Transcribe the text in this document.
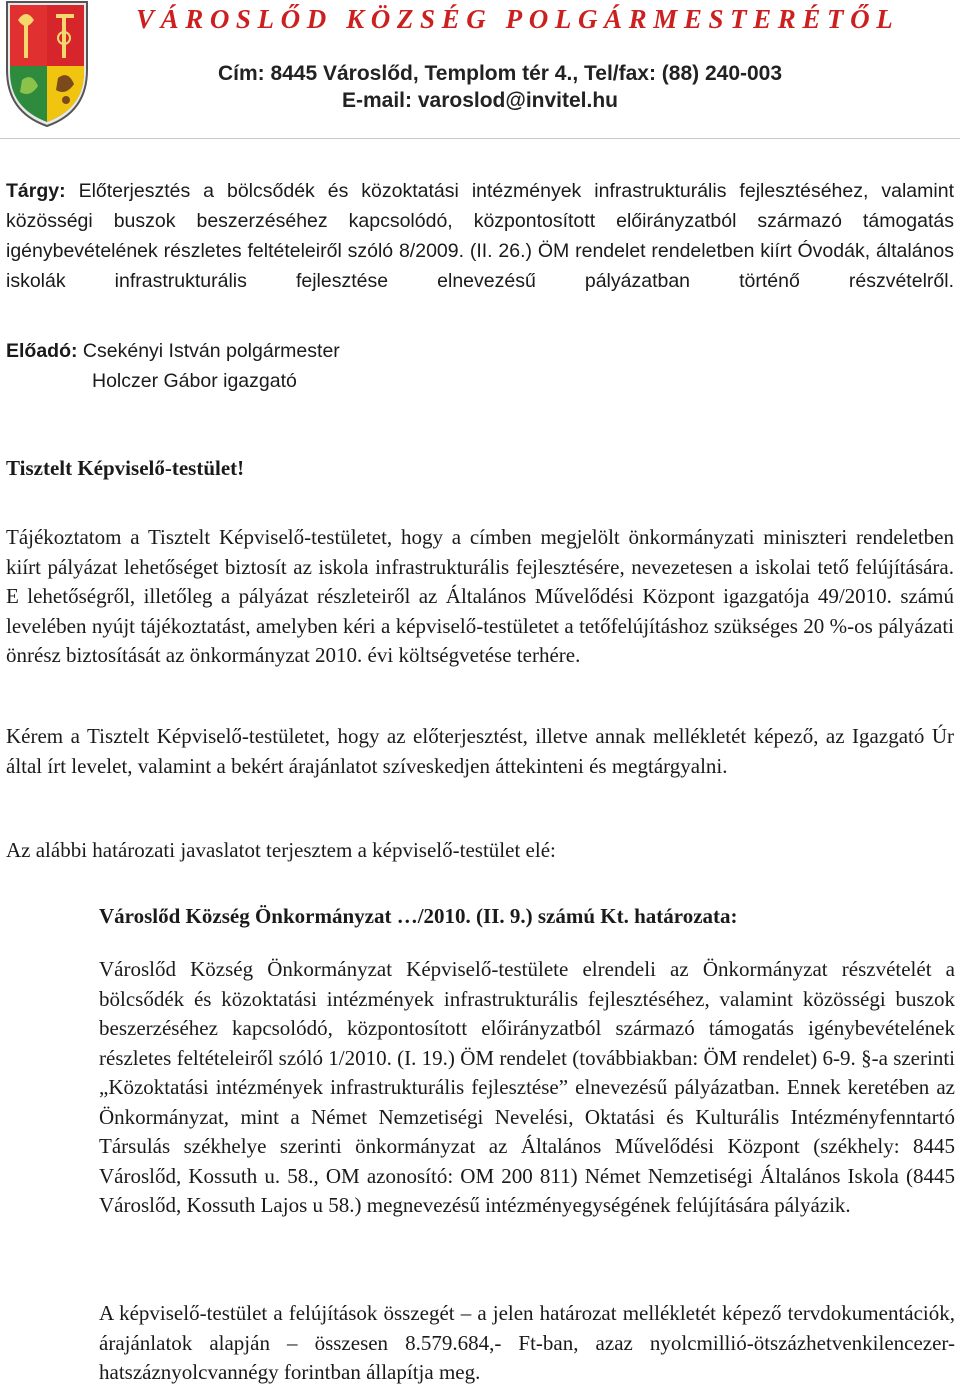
VÁROSLŐD KÖZSÉG POLGÁRMESTERÉTŐL
Cím: 8445 Városlőd, Templom tér 4., Tel/fax: (88) 240-003
E-mail: varoslod@invitel.hu

Tárgy: Előterjesztés a bölcsődék és közoktatási intézmények infrastrukturális fejlesztéséhez, valamint közösségi buszok beszerzéséhez kapcsolódó, központosított előirányzatból származó támogatás igénybevételének részletes feltételeiről szóló 8/2009. (II. 26.) ÖM rendelet rendeletben kiírt Óvodák, általános iskolák infrastrukturális fejlesztése elnevezésű pályázatban történő részvételről.

Előadó: Csekényi István polgármester

Holczer Gábor igazgató

Tisztelt Képviselő-testület!

Tájékoztatom a Tisztelt Képviselő-testületet, hogy a címben megjelölt önkormányzati miniszteri rendeletben kiírt pályázat lehetőséget biztosít az iskola infrastrukturális fejlesztésére, nevezetesen a iskolai tető felújítására. E lehetőségről, illetőleg a pályázat részleteiről az Általános Művelődési Központ igazgatója 49/2010. számú levelében nyújt tájékoztatást, amelyben kéri a képviselő-testületet a tetőfelújításhoz szükséges 20 %-os pályázati önrész biztosítását az önkormányzat 2010. évi költségvetése terhére.

Kérem a Tisztelt Képviselő-testületet, hogy az előterjesztést, illetve annak mellékletét képező, az Igazgató Úr által írt levelet, valamint a bekért árajánlatot szíveskedjen áttekinteni és megtárgyalni.

Az alábbi határozati javaslatot terjesztem a képviselő-testület elé:

Városlőd Község Önkormányzat …/2010. (II. 9.) számú Kt. határozata:

Városlőd Község Önkormányzat Képviselő-testülete elrendeli az Önkormányzat részvételét a bölcsődék és közoktatási intézmények infrastrukturális fejlesztéséhez, valamint közösségi buszok beszerzéséhez kapcsolódó, központosított előirányzatból származó támogatás igénybevételének részletes feltételeiről szóló 1/2010. (I. 19.) ÖM rendelet (továbbiakban: ÖM rendelet) 6-9. §-a szerinti „Közoktatási intézmények infrastrukturális fejlesztése” elnevezésű pályázatban. Ennek keretében az Önkormányzat, mint a Német Nemzetiségi Nevelési, Oktatási és Kulturális Intézményfenntartó Társulás székhelye szerinti önkormányzat az Általános Művelődési Központ (székhely: 8445 Városlőd, Kossuth u. 58., OM azonosító: OM 200 811) Német Nemzetiségi Általános Iskola (8445 Városlőd, Kossuth Lajos u 58.) megnevezésű intézményegységének felújítására pályázik.

A képviselő-testület a felújítások összegét – a jelen határozat mellékletét képező tervdokumentációk, árajánlatok alapján – összesen 8.579.684,- Ft-ban, azaz nyolcmillió-ötszázhetvenkilencezer-hatszáznyolcvannégy forintban állapítja meg.
